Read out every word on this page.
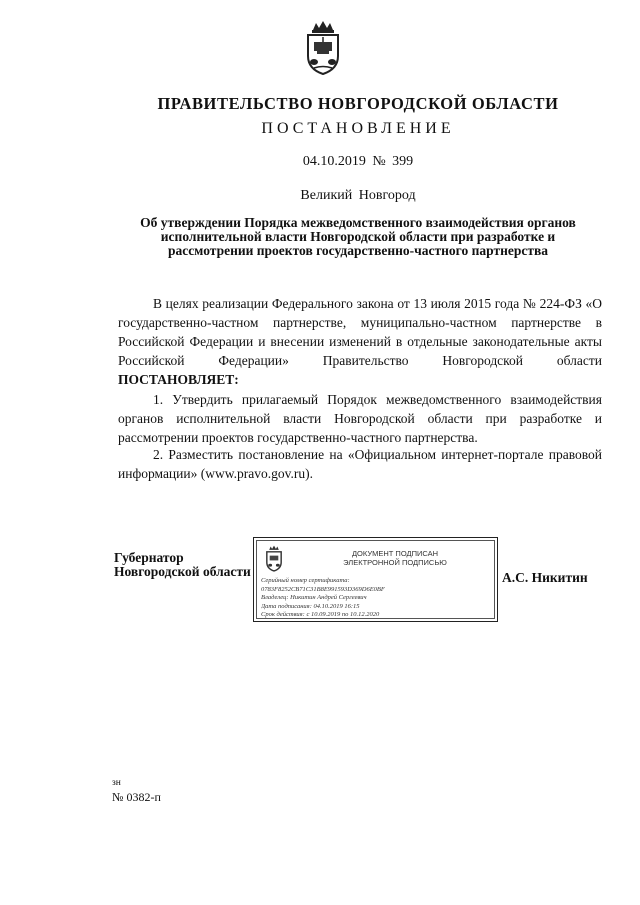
ПРАВИТЕЛЬСТВО НОВГОРОДСКОЙ ОБЛАСТИ
ПОСТАНОВЛЕНИЕ
04.10.2019 № 399
Великий Новгород
Об утверждении Порядка межведомственного взаимодействия органов
исполнительной власти Новгородской области при разработке и
рассмотрении проектов государственно-частного партнерства

В целях реализации Федерального закона от 13 июля 2015 года № 224-ФЗ «О государственно-частном партнерстве, муниципально-частном партнерстве в Российской Федерации и внесении изменений в отдельные законодательные акты Российской Федерации» Правительство Новгородской области ПОСТАНОВЛЯЕТ:

1. Утвердить прилагаемый Порядок межведомственного взаимодействия органов исполнительной власти Новгородской области при разработке и рассмотрении проектов государственно-частного партнерства.

2. Разместить постановление на «Официальном интернет-портале правовой информации» (www.pravo.gov.ru).

Губернатор
Новгородской области
ДОКУМЕНТ ПОДПИСАН
ЭЛЕКТРОННОЙ ПОДПИСЬЮ
Серийный номер сертификата:
0783F8252CB71C31B8E991593D369D6E0BF
Владелец: Никитин Андрей Сергеевич
Дата подписания: 04.10.2019 16:15
Срок действия: с 10.09.2019 по 10.12.2020
А.С. Никитин
зн
№ 0382-п
